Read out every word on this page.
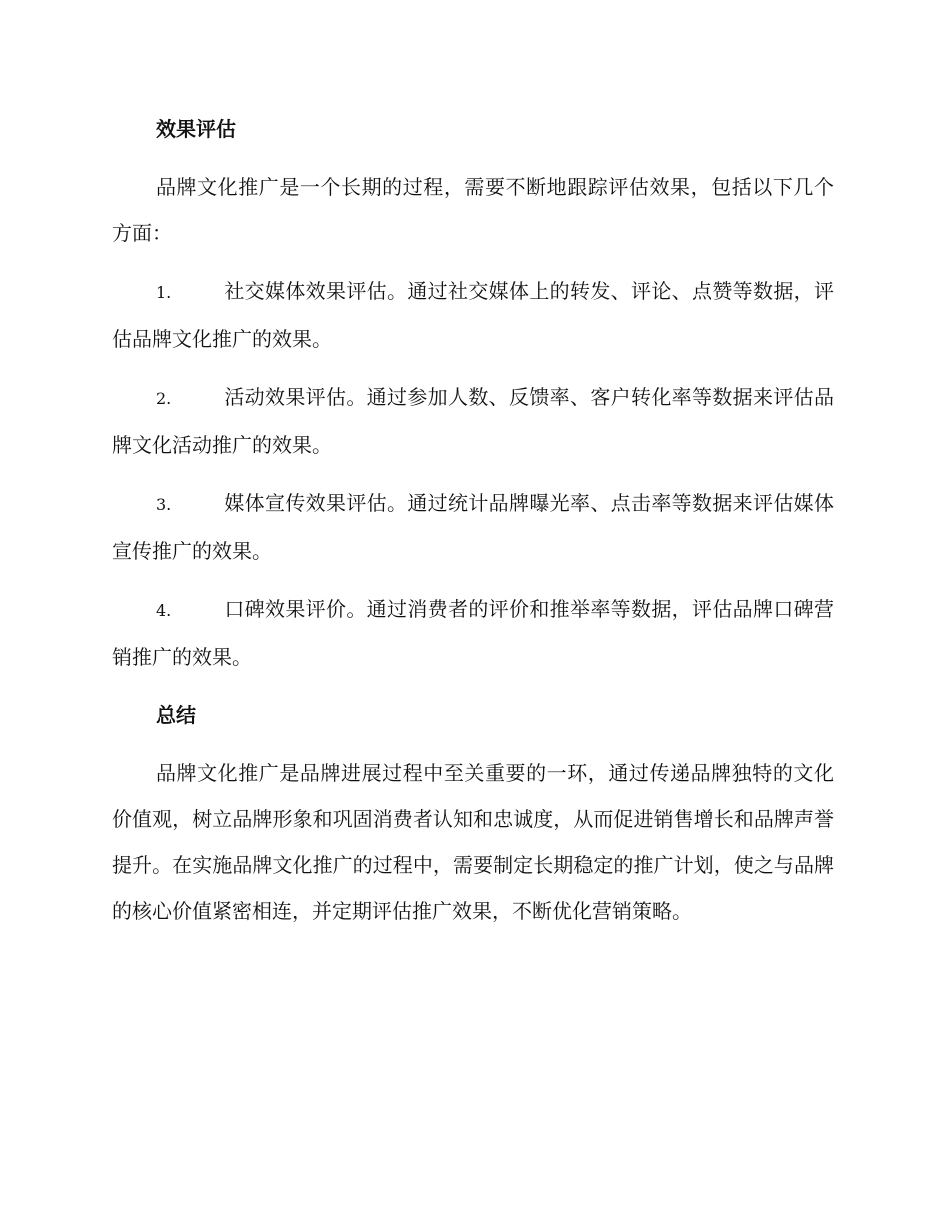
效果评估

品牌文化推广是一个长期的过程，需要不断地跟踪评估效果，包括以下几个方面：

1.	社交媒体效果评估。通过社交媒体上的转发、评论、点赞等数据，评估品牌文化推广的效果。

2.	活动效果评估。通过参加人数、反馈率、客户转化率等数据来评估品牌文化活动推广的效果。

3.	媒体宣传效果评估。通过统计品牌曝光率、点击率等数据来评估媒体宣传推广的效果。

4.	口碑效果评价。通过消费者的评价和推举率等数据，评估品牌口碑营销推广的效果。

总结

品牌文化推广是品牌进展过程中至关重要的一环，通过传递品牌独特的文化价值观，树立品牌形象和巩固消费者认知和忠诚度，从而促进销售增长和品牌声誉提升。在实施品牌文化推广的过程中，需要制定长期稳定的推广计划，使之与品牌的核心价值紧密相连，并定期评估推广效果，不断优化营销策略。
